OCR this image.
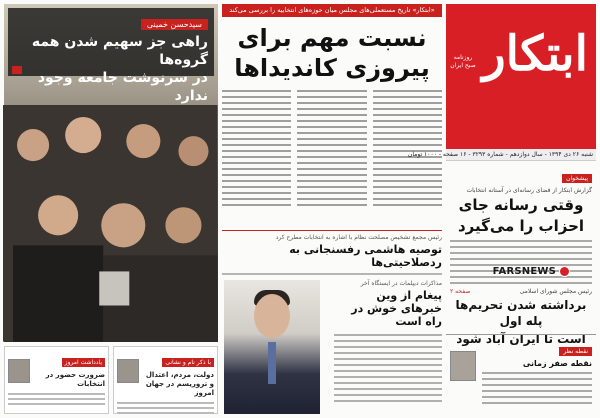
سیدحسن خمینی
راهی جز سهیم شدن همه گروه‌ها
در سرنوشت جامعه وجود ندارد
با ذکر نام و نشانی
دولت، مردم، اعتدال و تروریسم در جهان امروز
یادداشت امروز
ضرورت حضور در انتخابات
«ابتکار» تاریخ مستعملی‌های مجلس میان حوزه‌های انتخابیه را بررسی می‌کند
نسبت مهم برای
پیروزی کاندیداها
رئیس مجمع تشخیص مصلحت نظام با اشاره به انتخابات مطرح کرد
توصیه هاشمی رفسنجانی به ردصلاحیتی‌ها
مذاکرات دیپلمات در ایستگاه آخر
پیغام از وین
خبرهای خوش در راه است
ابتکار
روزنامه صبح ایران
شنبه ۲۶ دی ۱۳۹۴ - سال دوازدهم - شماره ۳۲۹۳ - ۱۶ صفحه - ۱۰۰۰ تومان
پیشخوان
گزارش ابتکار از فضای رسانه‌ای در آستانه انتخابات
وقتی رسانه جای
احزاب را می‌گیرد
صفحه ۲	رئیس مجلس شورای اسلامی
برداشته شدن تحریم‌ها پله اول
است تا ایران آباد شود
نقطه نظر
نقطه صفر زمانی
FARSNEWS
